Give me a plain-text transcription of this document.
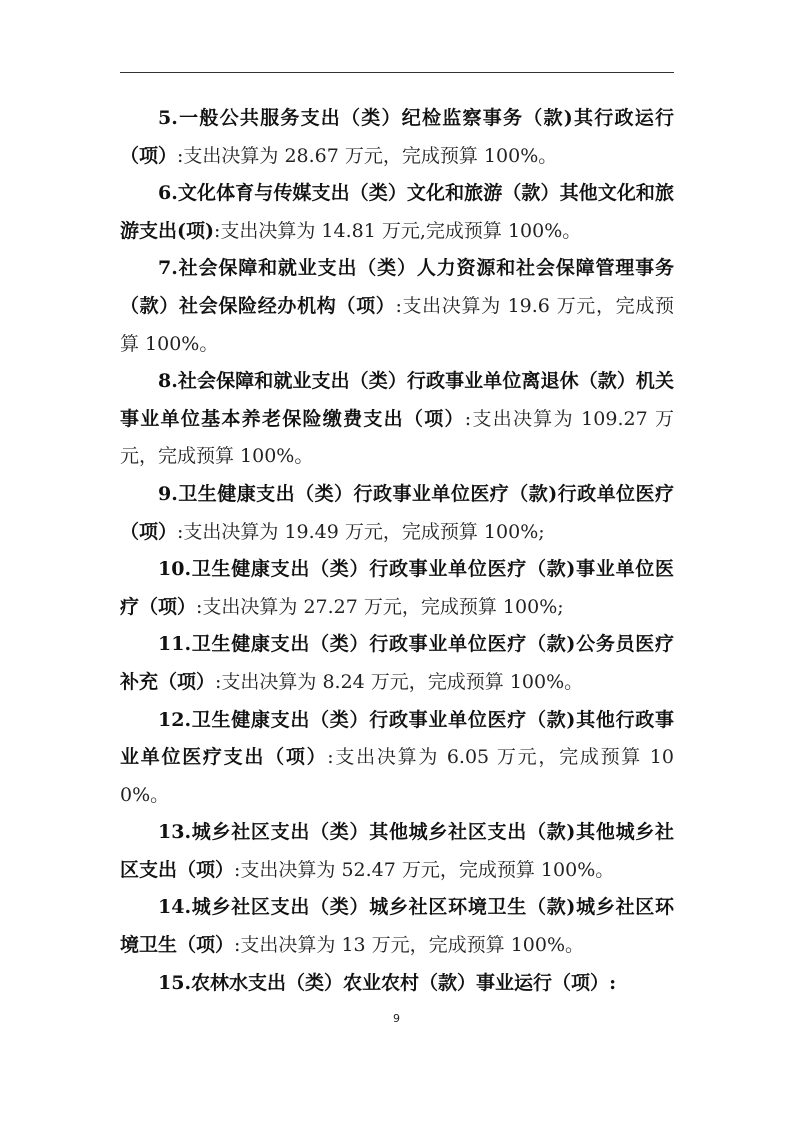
5.一般公共服务支出（类）纪检监察事务（款)其行政运行（项）:支出决算为 28.67 万元，完成预算 100%。

6.文化体育与传媒支出（类）文化和旅游（款）其他文化和旅游支出(项):支出决算为 14.81 万元,完成预算 100%。

7.社会保障和就业支出（类）人力资源和社会保障管理事务（款）社会保险经办机构（项）:支出决算为 19.6 万元，完成预算 100%。

8.社会保障和就业支出（类）行政事业单位离退休（款）机关事业单位基本养老保险缴费支出（项）:支出决算为 109.27 万元，完成预算 100%。

9.卫生健康支出（类）行政事业单位医疗（款)行政单位医疗（项）:支出决算为 19.49 万元，完成预算 100%;

10.卫生健康支出（类）行政事业单位医疗（款)事业单位医疗（项）:支出决算为 27.27 万元，完成预算 100%;

11.卫生健康支出（类）行政事业单位医疗（款)公务员医疗补充（项）:支出决算为 8.24 万元，完成预算 100%。

12.卫生健康支出（类）行政事业单位医疗（款)其他行政事业单位医疗支出（项）:支出决算为 6.05 万元，完成预算 100%。

13.城乡社区支出（类）其他城乡社区支出（款)其他城乡社区支出（项）:支出决算为 52.47 万元，完成预算 100%。

14.城乡社区支出（类）城乡社区环境卫生（款)城乡社区环境卫生（项）:支出决算为 13 万元，完成预算 100%。

15.农林水支出（类）农业农村（款）事业运行（项）:

9
